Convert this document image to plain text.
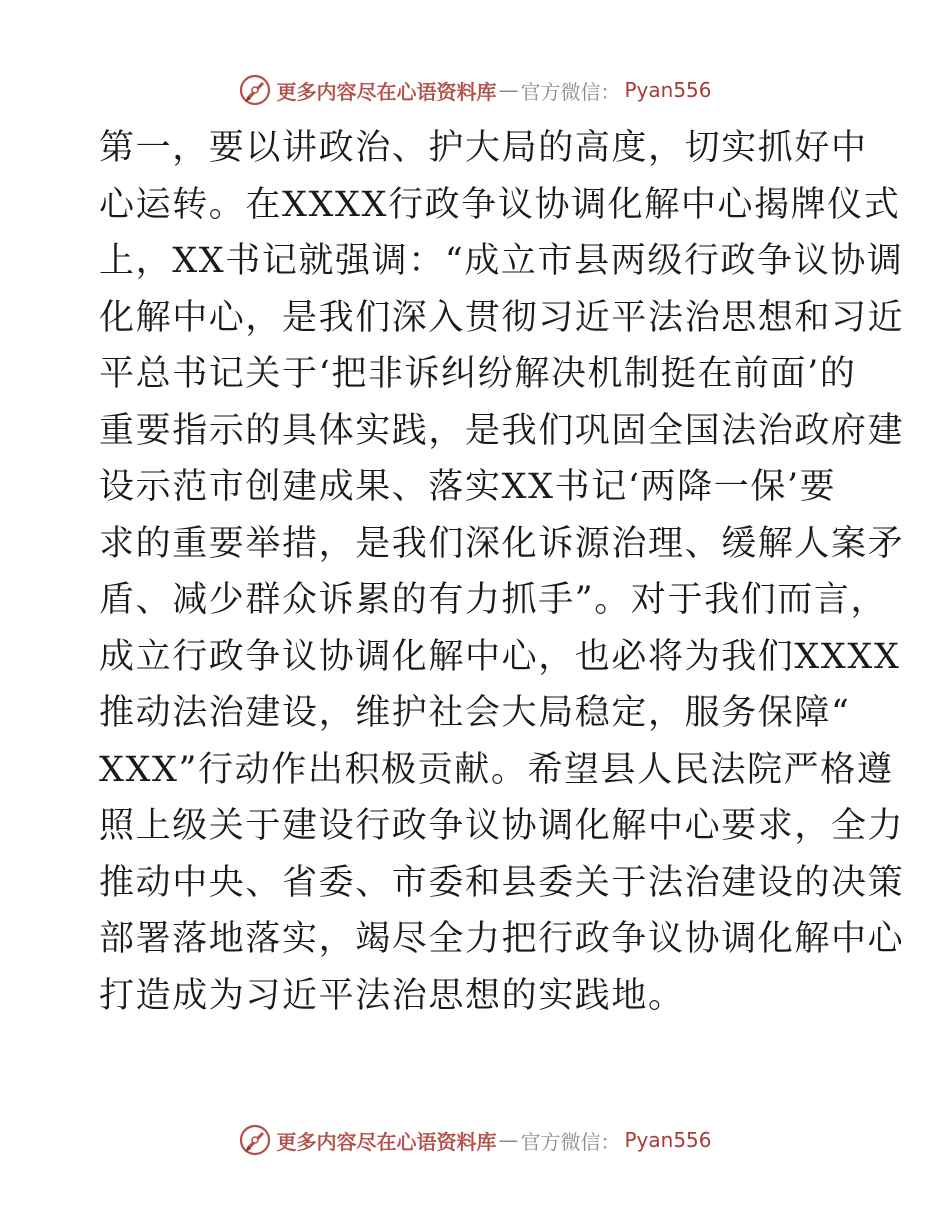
更多内容尽在心语资料库 — 官方微信： Pyan556
第一，要以讲政治、护大局的高度，切实抓好中
心运转。在XXXX行政争议协调化解中心揭牌仪式
上，XX书记就强调：“成立市县两级行政争议协调
化解中心，是我们深入贯彻习近平法治思想和习近
平总书记关于‘把非诉纠纷解决机制挺在前面’的
重要指示的具体实践，是我们巩固全国法治政府建
设示范市创建成果、落实XX书记‘两降一保’要
求的重要举措，是我们深化诉源治理、缓解人案矛
盾、减少群众诉累的有力抓手”。对于我们而言，
成立行政争议协调化解中心，也必将为我们XXXX
推动法治建设，维护社会大局稳定，服务保障“
XXX”行动作出积极贡献。希望县人民法院严格遵
照上级关于建设行政争议协调化解中心要求，全力
推动中央、省委、市委和县委关于法治建设的决策
部署落地落实，竭尽全力把行政争议协调化解中心
打造成为习近平法治思想的实践地。
更多内容尽在心语资料库 — 官方微信： Pyan556
